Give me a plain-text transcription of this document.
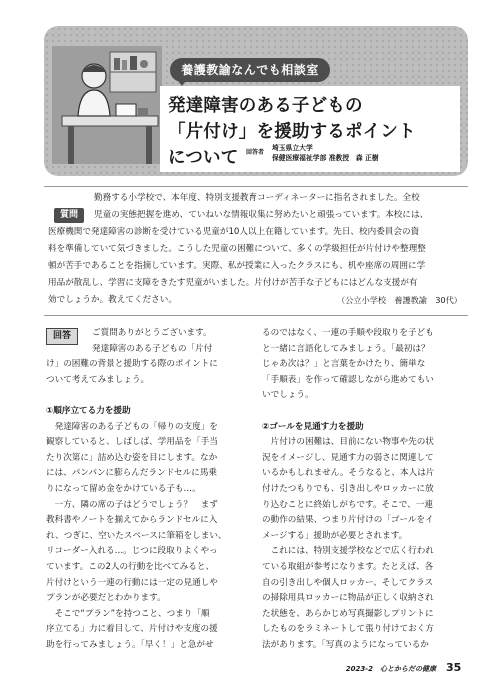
養護教諭なんでも相談室
発達障害のある子どもの
「片付け」を援助するポイント
について 回答者
埼玉県立大学
保健医療福祉学部 准教授　森 正樹
質問
勤務する小学校で、本年度、特別支援教育コーディネーターに指名されました。全校
児童の実態把握を進め、ていねいな情報収集に努めたいと頑張っています。本校には、
医療機関で発達障害の診断を受けている児童が10人以上在籍しています。先日、校内委員会の資
料を準備していて気づきました。こうした児童の困難について、多くの学級担任が片付けや整理整
頓が苦手であることを指摘しています。実際、私が授業に入ったクラスにも、机や座席の周囲に学
用品が散乱し、学習に支障をきたす児童がいました。片付けが苦手な子どもにはどんな支援が有
効でしょうか。教えてください。	（公立小学校　養護教諭　30代）
回答	ご質問ありがとうございます。
発達障害のある子どもの「片付
け」の困難の背景と援助する際のポイントに
ついて考えてみましょう。
①順序立てる力を援助
　発達障害のある子どもの「帰りの支度」を
観察していると、しばしば、学用品を「手当
たり次第に」詰め込む姿を目にします。なか
には、パンパンに膨らんだランドセルに馬乗
りになって留め金をかけている子も…。
　一方、隣の席の子はどうでしょう？　まず
教科書やノートを揃えてからランドセルに入
れ、つぎに、空いたスペースに筆箱をしまい、
リコーダー入れる…。じつに段取りよくやっ
ています。この2人の行動を比べてみると、
片付けという一連の行動には一定の見通しや
プランが必要だとわかります。
　そこで“プラン”を持つこと、つまり「順
序立てる」力に着目して、片付けや支度の援
助を行ってみましょう。「早く！」と急がせ
るのではなく、一連の手順や段取りを子ども
と一緒に言語化してみましょう。「最初は？
じゃあ次は？」と言葉をかけたり、簡単な
「手順表」を作って確認しながら進めてもい
いでしょう。
②ゴールを見通す力を援助
　片付けの困難は、目前にない物事や先の状
況をイメージし、見通す力の弱さに関連して
いるかもしれません。そうなると、本人は片
付けたつもりでも、引き出しやロッカーに放
り込むことに終始しがちです。そこで、一連
の動作の結果、つまり片付けの「ゴールをイ
メージする」援助が必要とされます。
　これには、特別支援学校などで広く行われ
ている取組が参考になります。たとえば、各
自の引き出しや個人ロッカー、そしてクラス
の掃除用具ロッカーに物品が正しく収納され
た状態を、あらかじめ写真撮影しプリントに
したものをラミネートして張り付けておく方
法があります。「写真のようになっているか
2023-2　心とからだの健康 35
